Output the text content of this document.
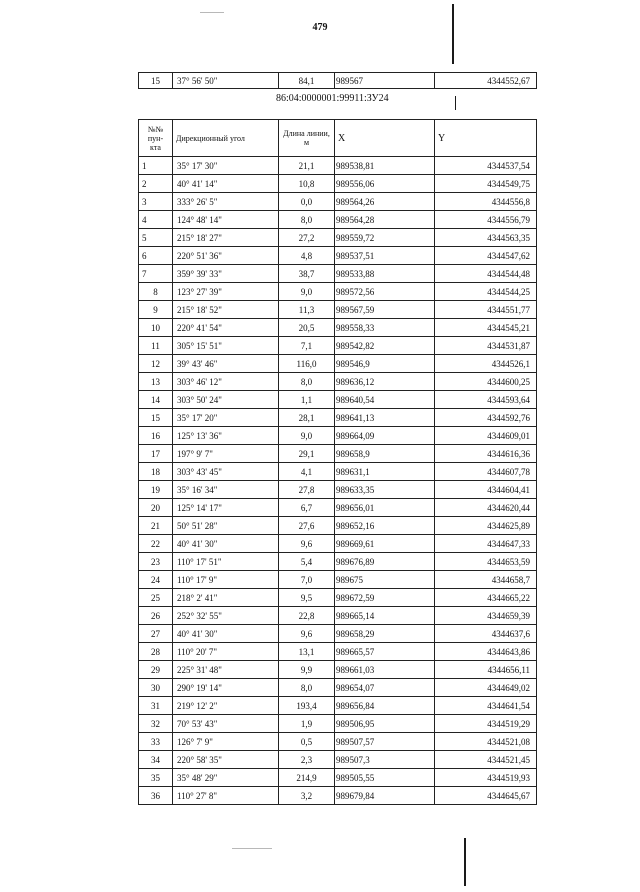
479
15	37° 56' 50"	84,1	989567	4344552,67
86:04:0000001:99911:ЗУ24
№№ пун- кта	Дирекционный угол	Длина линии, м	X	Y
1	35° 17' 30"	21,1	989538,81	4344537,54
2	40° 41' 14"	10,8	989556,06	4344549,75
3	333° 26' 5"	0,0	989564,26	4344556,8
4	124° 48' 14"	8,0	989564,28	4344556,79
5	215° 18' 27"	27,2	989559,72	4344563,35
6	220° 51' 36"	4,8	989537,51	4344547,62
7	359° 39' 33"	38,7	989533,88	4344544,48
8	123° 27' 39"	9,0	989572,56	4344544,25
9	215° 18' 52"	11,3	989567,59	4344551,77
10	220° 41' 54"	20,5	989558,33	4344545,21
11	305° 15' 51"	7,1	989542,82	4344531,87
12	39° 43' 46"	116,0	989546,9	4344526,1
13	303° 46' 12"	8,0	989636,12	4344600,25
14	303° 50' 24"	1,1	989640,54	4344593,64
15	35° 17' 20"	28,1	989641,13	4344592,76
16	125° 13' 36"	9,0	989664,09	4344609,01
17	197° 9' 7"	29,1	989658,9	4344616,36
18	303° 43' 45"	4,1	989631,1	4344607,78
19	35° 16' 34"	27,8	989633,35	4344604,41
20	125° 14' 17"	6,7	989656,01	4344620,44
21	50° 51' 28"	27,6	989652,16	4344625,89
22	40° 41' 30"	9,6	989669,61	4344647,33
23	110° 17' 51"	5,4	989676,89	4344653,59
24	110° 17' 9"	7,0	989675	4344658,7
25	218° 2' 41"	9,5	989672,59	4344665,22
26	252° 32' 55"	22,8	989665,14	4344659,39
27	40° 41' 30"	9,6	989658,29	4344637,6
28	110° 20' 7"	13,1	989665,57	4344643,86
29	225° 31' 48"	9,9	989661,03	4344656,11
30	290° 19' 14"	8,0	989654,07	4344649,02
31	219° 12' 2"	193,4	989656,84	4344641,54
32	70° 53' 43"	1,9	989506,95	4344519,29
33	126° 7' 9"	0,5	989507,57	4344521,08
34	220° 58' 35"	2,3	989507,3	4344521,45
35	35° 48' 29"	214,9	989505,55	4344519,93
36	110° 27' 8"	3,2	989679,84	4344645,67
